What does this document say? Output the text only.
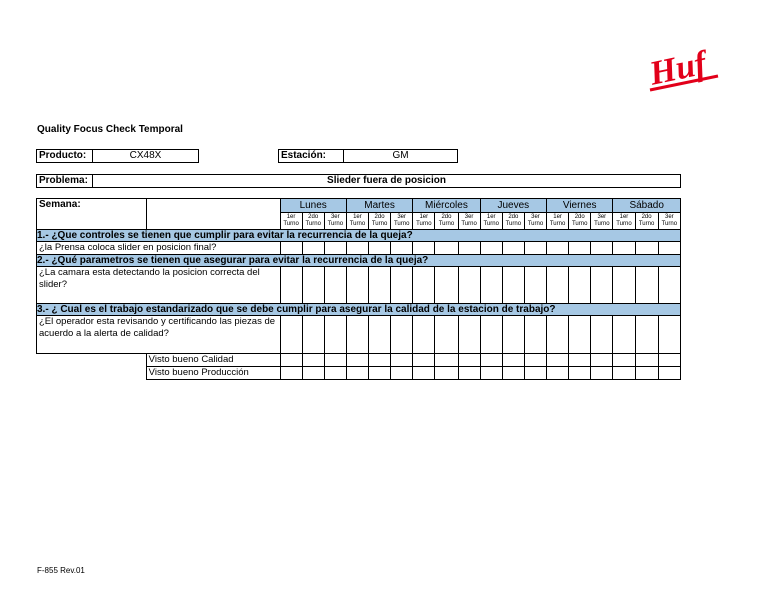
Huf
Quality Focus Check Temporal
Producto:	CX48X	Estación:	GM
Problema:	Slieder fuera de posicion
Semana:		Lunes			Martes			Miércoles			Jueves			Viernes			Sábado		
		1er Turno	2do Turno	3er Turno	1er Turno	2do Turno	3er Turno	1er Turno	2do Turno	3er Turno	1er Turno	2do Turno	3er Turno	1er Turno	2do Turno	3er Turno	1er Turno	2do Turno	3er Turno
1.- ¿Que controles se tienen que cumplir para evitar la recurrencia de la queja?																			
¿la Prensa coloca slider en posicion final?																			
2.- ¿Qué parametros se tienen que asegurar para evitar la recurrencia de la queja?																			
¿La camara esta detectando la posicion correcta del slider?																			
3.- ¿ Cual es el trabajo estandarizado que se debe cumplir para asegurar la calidad de la estacion de trabajo?																			
¿El operador esta revisando y certificando las piezas de acuerdo a la alerta de calidad?																			
	Visto bueno Calidad																		
	Visto bueno Producción																		
F-855 Rev.01
